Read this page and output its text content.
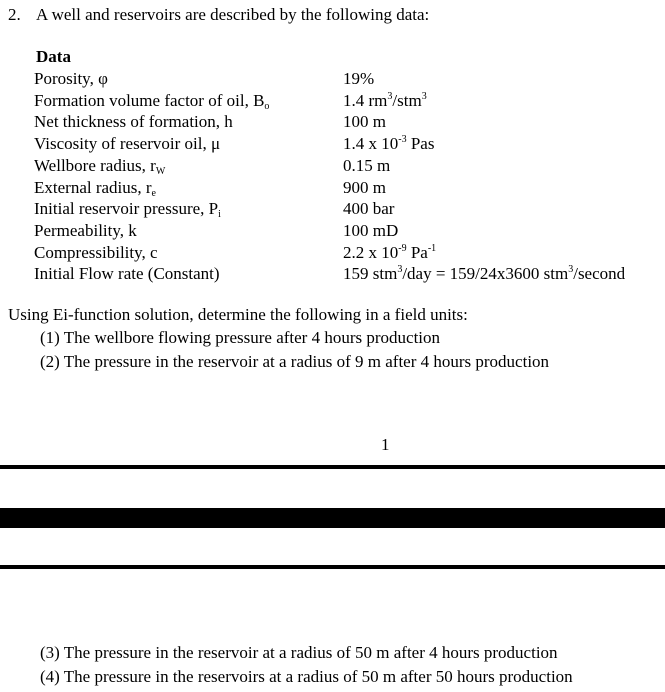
2. A well and reservoirs are described by the following data:
Data
Porosity, φ	19%
Formation volume factor of oil, $B_o$	1.4 $rm^3/stm^3$
Net thickness of formation, h	100 m
Viscosity of reservoir oil, μ	1.4 x $10^{-3}$ Pas
Wellbore radius, $r_W$	0.15 m
External radius, $r_e$	900 m
Initial reservoir pressure, $P_i$	400 bar
Permeability, k	100 mD
Compressibility, c	2.2 x $10^{-9}$ $Pa^{-1}$
Initial Flow rate (Constant)	159 stm$^3$/day = 159/24x3600 stm$^3$/second
Using Ei-function solution, determine the following in a field units:
(1) The wellbore flowing pressure after 4 hours production
(2) The pressure in the reservoir at a radius of 9 m after 4 hours production
1
(3) The pressure in the reservoir at a radius of 50 m after 4 hours production
(4) The pressure in the reservoirs at a radius of 50 m after 50 hours production
